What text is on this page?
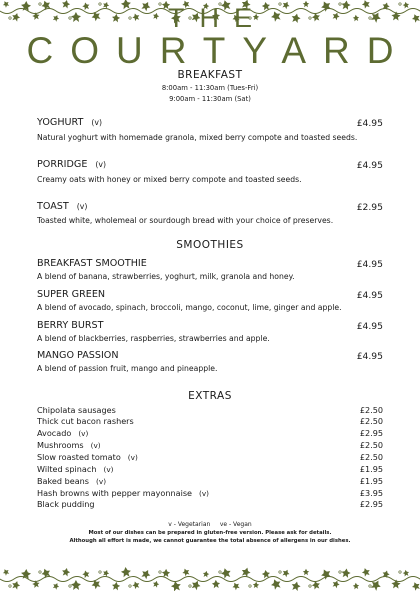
THE
COURTYARD
BREAKFAST
8:00am - 11:30am (Tues-Fri)
9:00am - 11:30am (Sat)
YOGHURT (v)	£4.95
Natural yoghurt with homemade granola, mixed berry compote and toasted seeds.
PORRIDGE (v)	£4.95
Creamy oats with honey or mixed berry compote and toasted seeds.
TOAST (v)	£2.95
Toasted white, wholemeal or sourdough bread with your choice of preserves.
SMOOTHIES
BREAKFAST SMOOTHIE	£4.95
A blend of banana, strawberries, yoghurt, milk, granola and honey.
SUPER GREEN	£4.95
A blend of avocado, spinach, broccoli, mango, coconut, lime, ginger and apple.
BERRY BURST	£4.95
A blend of blackberries, raspberries, strawberries and apple.
MANGO PASSION	£4.95
A blend of passion fruit, mango and pineapple.
EXTRAS
Chipolata sausages	£2.50
Thick cut bacon rashers	£2.50
Avocado (v)	£2.95
Mushrooms (v)	£2.50
Slow roasted tomato (v)	£2.50
Wilted spinach (v)	£1.95
Baked beans (v)	£1.95
Hash browns with pepper mayonnaise (v)	£3.95
Black pudding	£2.95
v - Vegetarian     ve - Vegan
Most of our dishes can be prepared in gluten-free version. Please ask for details.
Although all effort is made, we cannot guarantee the total absence of allergens in our dishes.
